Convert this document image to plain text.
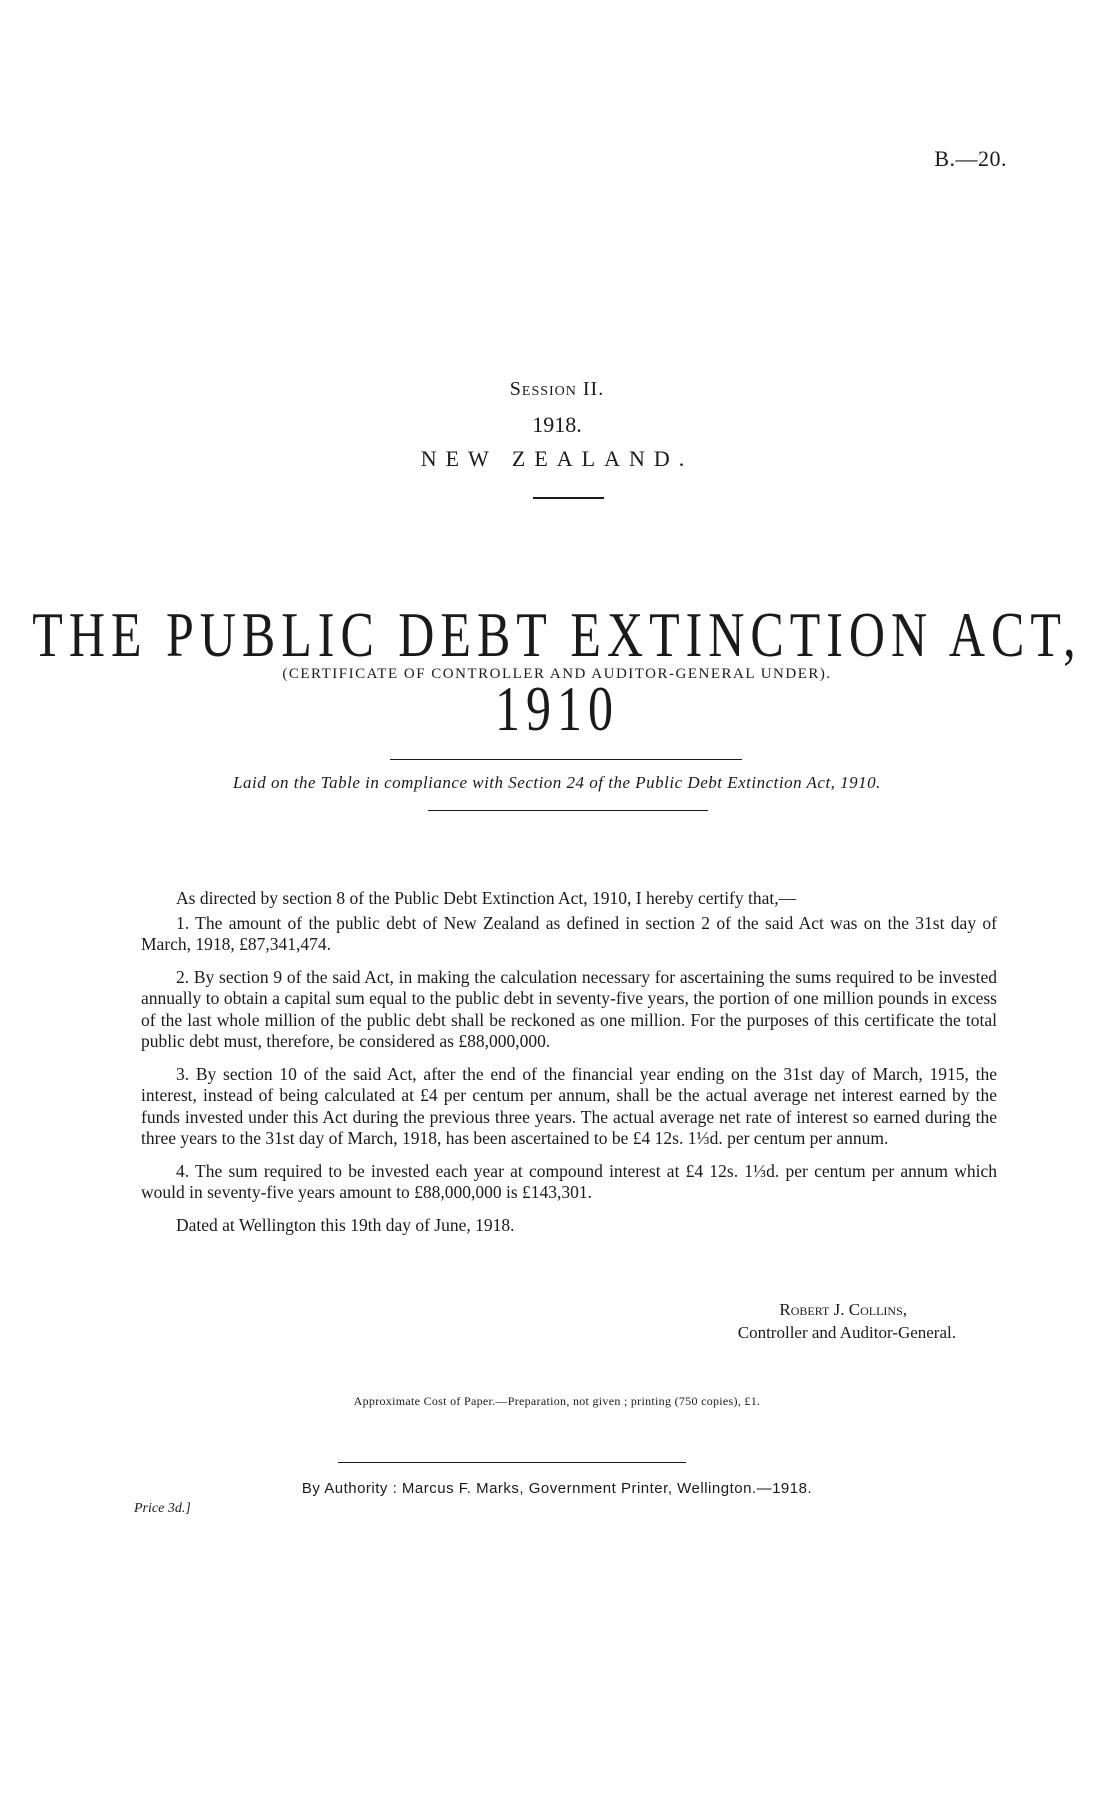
B.—20.
Session II.
1918.
NEW ZEALAND.
THE PUBLIC DEBT EXTINCTION ACT, 1910
(CERTIFICATE OF CONTROLLER AND AUDITOR-GENERAL UNDER).
Laid on the Table in compliance with Section 24 of the Public Debt Extinction Act, 1910.

As directed by section 8 of the Public Debt Extinction Act, 1910, I hereby certify that,—

1. The amount of the public debt of New Zealand as defined in section 2 of the said Act was on the 31st day of March, 1918, £87,341,474.

2. By section 9 of the said Act, in making the calculation necessary for ascertaining the sums required to be invested annually to obtain a capital sum equal to the public debt in seventy-five years, the portion of one million pounds in excess of the last whole million of the public debt shall be reckoned as one million. For the purposes of this certificate the total public debt must, therefore, be considered as £88,000,000.

3. By section 10 of the said Act, after the end of the financial year ending on the 31st day of March, 1915, the interest, instead of being calculated at £4 per centum per annum, shall be the actual average net interest earned by the funds invested under this Act during the previous three years. The actual average net rate of interest so earned during the three years to the 31st day of March, 1918, has been ascertained to be £4 12s. 1⅓d. per centum per annum.

4. The sum required to be invested each year at compound interest at £4 12s. 1⅓d. per centum per annum which would in seventy-five years amount to £88,000,000 is £143,301.

Dated at Wellington this 19th day of June, 1918.

Robert J. Collins,
Controller and Auditor-General.
Approximate Cost of Paper.—Preparation, not given ; printing (750 copies), £1.
By Authority : Marcus F. Marks, Government Printer, Wellington.—1918.
Price 3d.]
